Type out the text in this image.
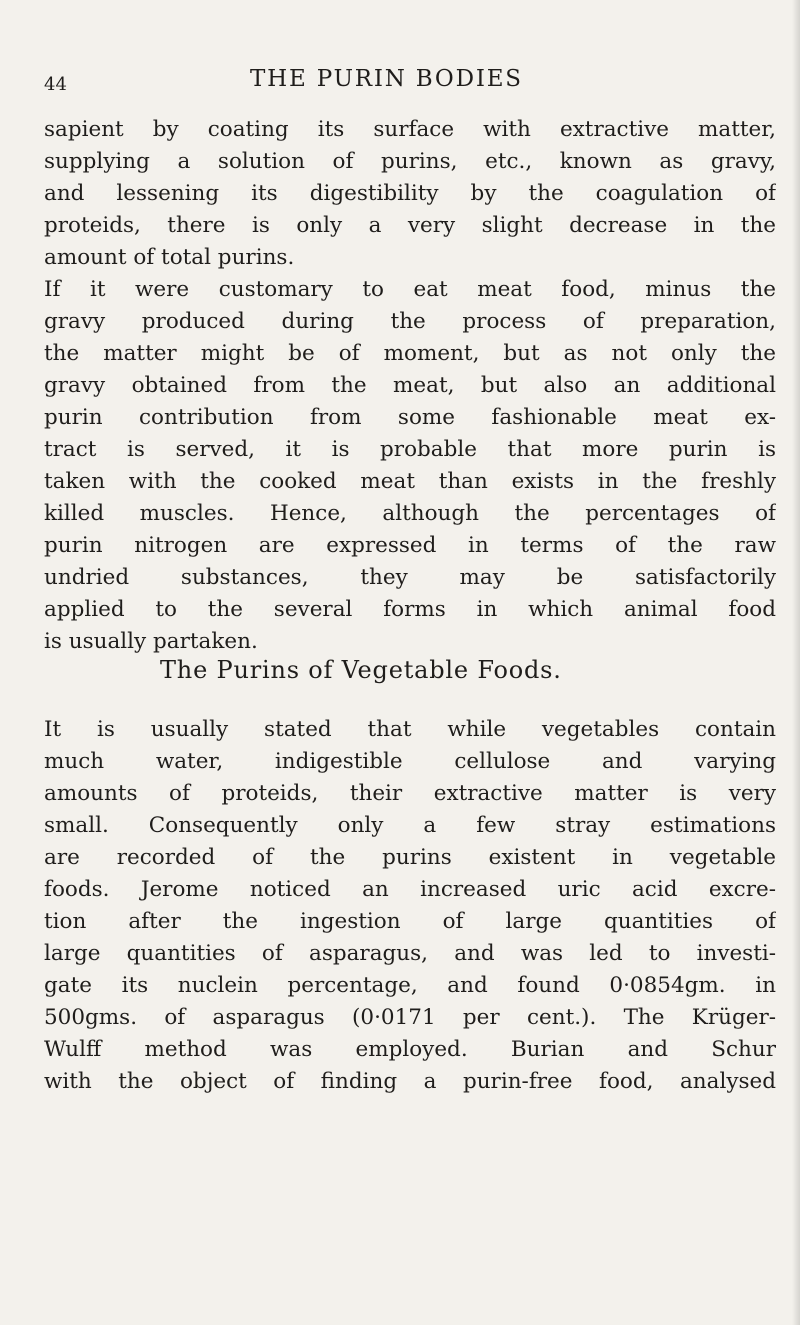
44	THE PURIN BODIES
sapient by coating its surface with extractive matter,
supplying a solution of purins, etc., known as gravy,
and lessening its digestibility by the coagulation of
proteids, there is only a very slight decrease in the
amount of total purins.
If it were customary to eat meat food, minus the
gravy produced during the process of preparation,
the matter might be of moment, but as not only the
gravy obtained from the meat, but also an additional
purin contribution from some fashionable meat ex-
tract is served, it is probable that more purin is
taken with the cooked meat than exists in the freshly
killed muscles. Hence, although the percentages of
purin nitrogen are expressed in terms of the raw
undried substances, they may be satisfactorily
applied to the several forms in which animal food
is usually partaken.
The Purins of Vegetable Foods.
It is usually stated that while vegetables contain
much water, indigestible cellulose and varying
amounts of proteids, their extractive matter is very
small. Consequently only a few stray estimations
are recorded of the purins existent in vegetable
foods. Jerome noticed an increased uric acid excre-
tion after the ingestion of large quantities of
large quantities of asparagus, and was led to investi-
gate its nuclein percentage, and found 0·0854gm. in
500gms. of asparagus (0·0171 per cent.). The Krüger-
Wulff method was employed. Burian and Schur
with the object of finding a purin-free food, analysed
